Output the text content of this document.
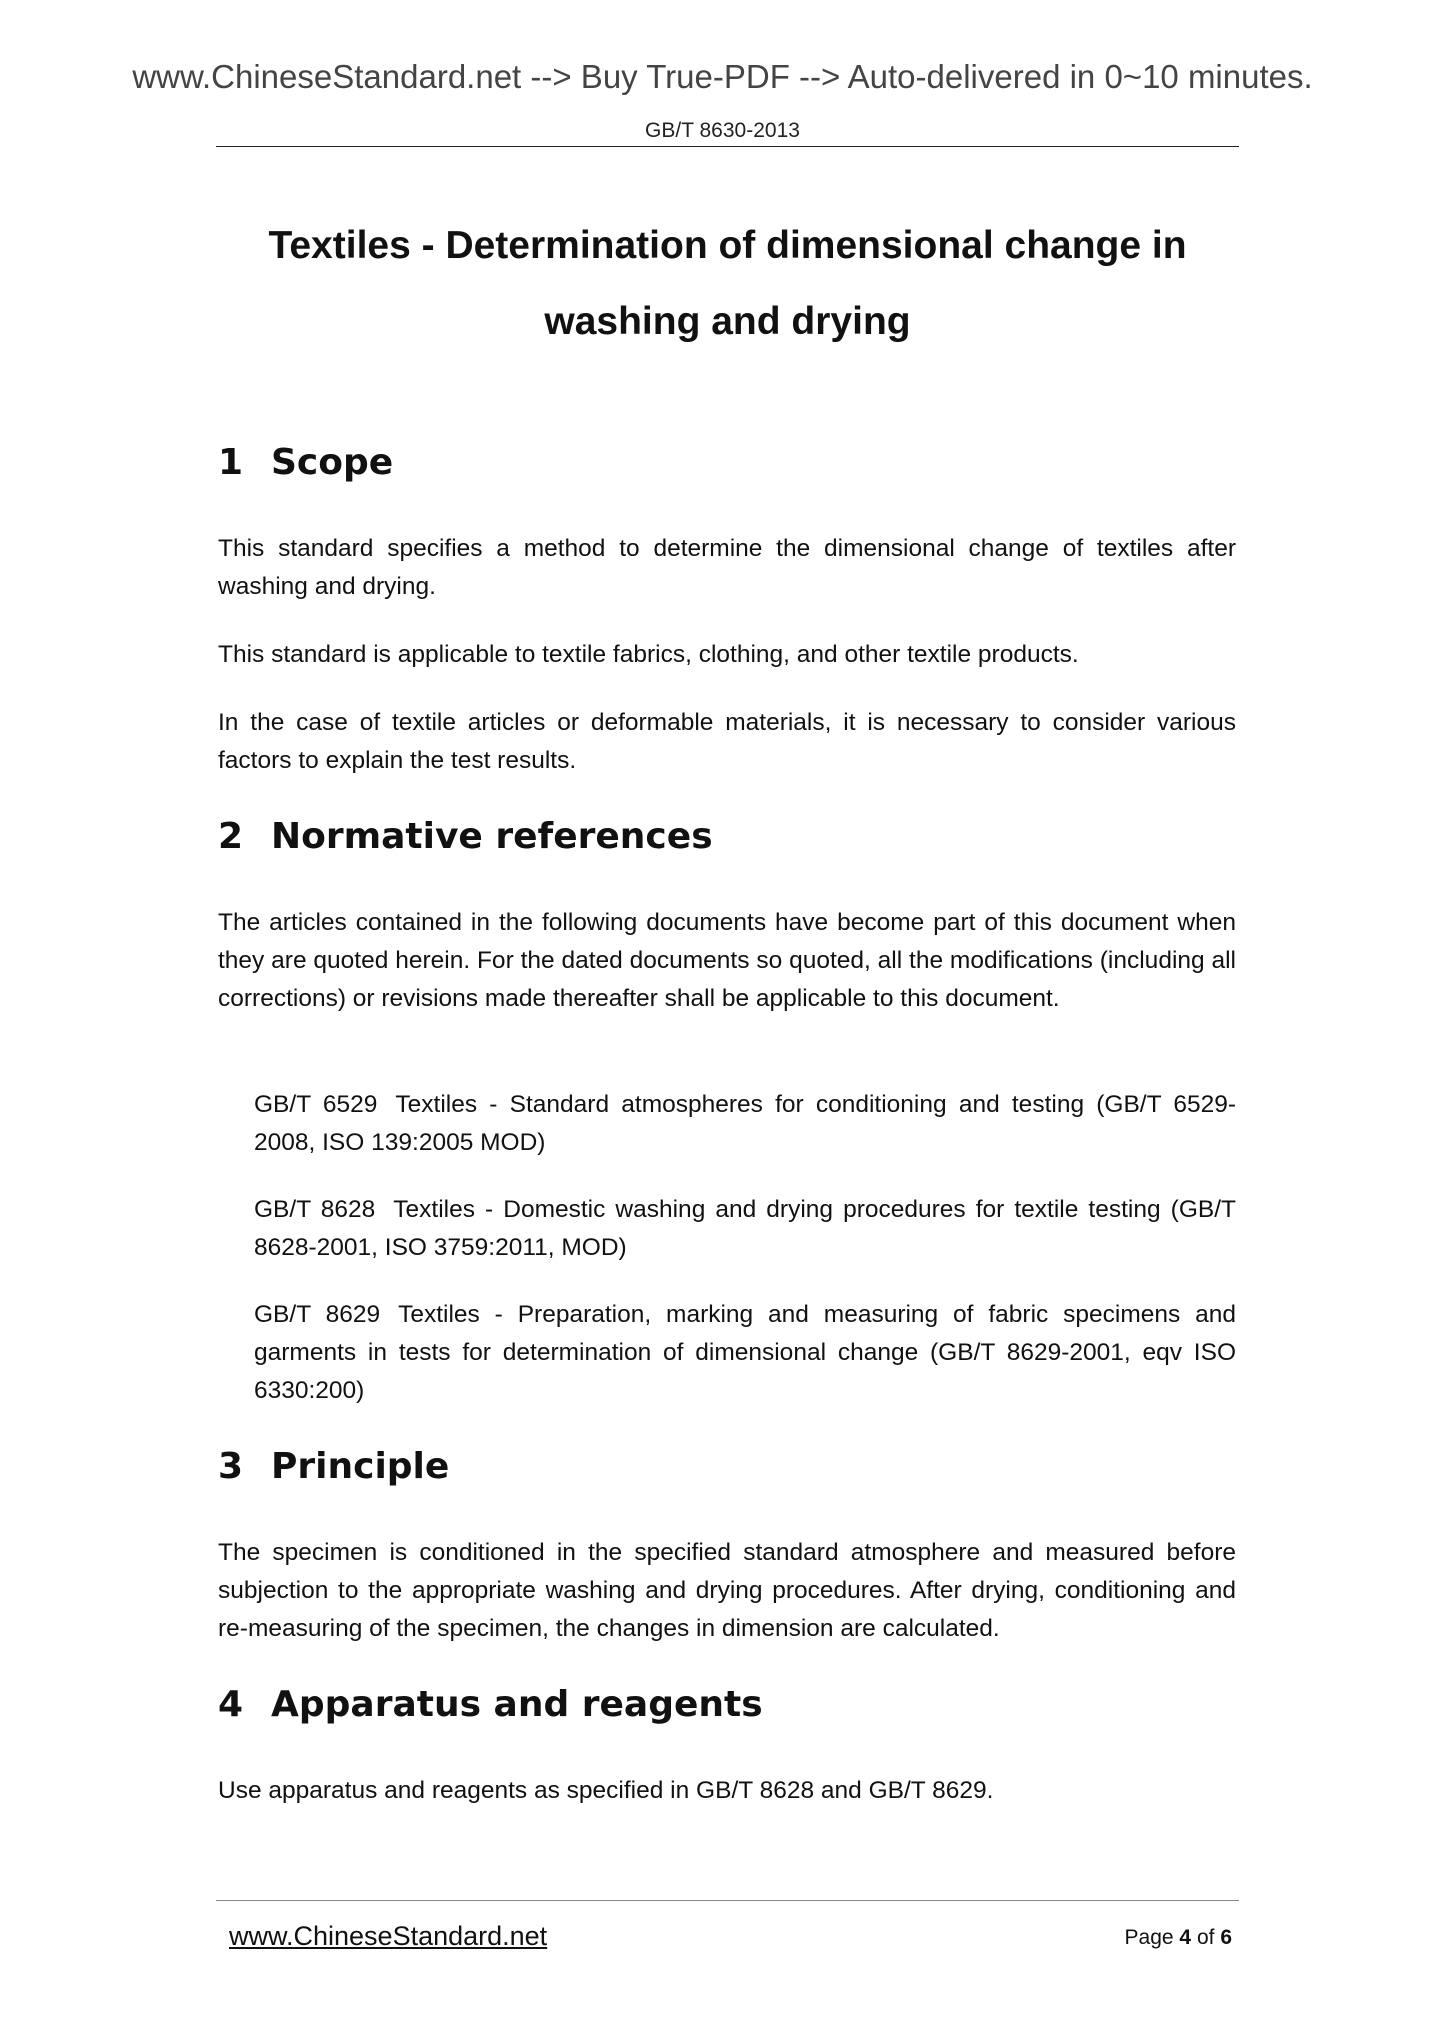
www.ChineseStandard.net --> Buy True-PDF --> Auto-delivered in 0~10 minutes.
GB/T 8630-2013
Textiles - Determination of dimensional change in
washing and drying
1 Scope

This standard specifies a method to determine the dimensional change of textiles after washing and drying.

This standard is applicable to textile fabrics, clothing, and other textile products.

In the case of textile articles or deformable materials, it is necessary to consider various factors to explain the test results.

2 Normative references

The articles contained in the following documents have become part of this document when they are quoted herein. For the dated documents so quoted, all the modifications (including all corrections) or revisions made thereafter shall be applicable to this document.

GB/T 6529 Textiles - Standard atmospheres for conditioning and testing (GB/T 6529-2008, ISO 139:2005 MOD)

GB/T 8628 Textiles - Domestic washing and drying procedures for textile testing (GB/T 8628-2001, ISO 3759:2011, MOD)

GB/T 8629 Textiles - Preparation, marking and measuring of fabric specimens and garments in tests for determination of dimensional change (GB/T 8629-2001, eqv ISO 6330:200)

3 Principle

The specimen is conditioned in the specified standard atmosphere and measured before subjection to the appropriate washing and drying procedures. After drying, conditioning and re-measuring of the specimen, the changes in dimension are calculated.

4 Apparatus and reagents

Use apparatus and reagents as specified in GB/T 8628 and GB/T 8629.

www.ChineseStandard.net	Page 4 of 6
